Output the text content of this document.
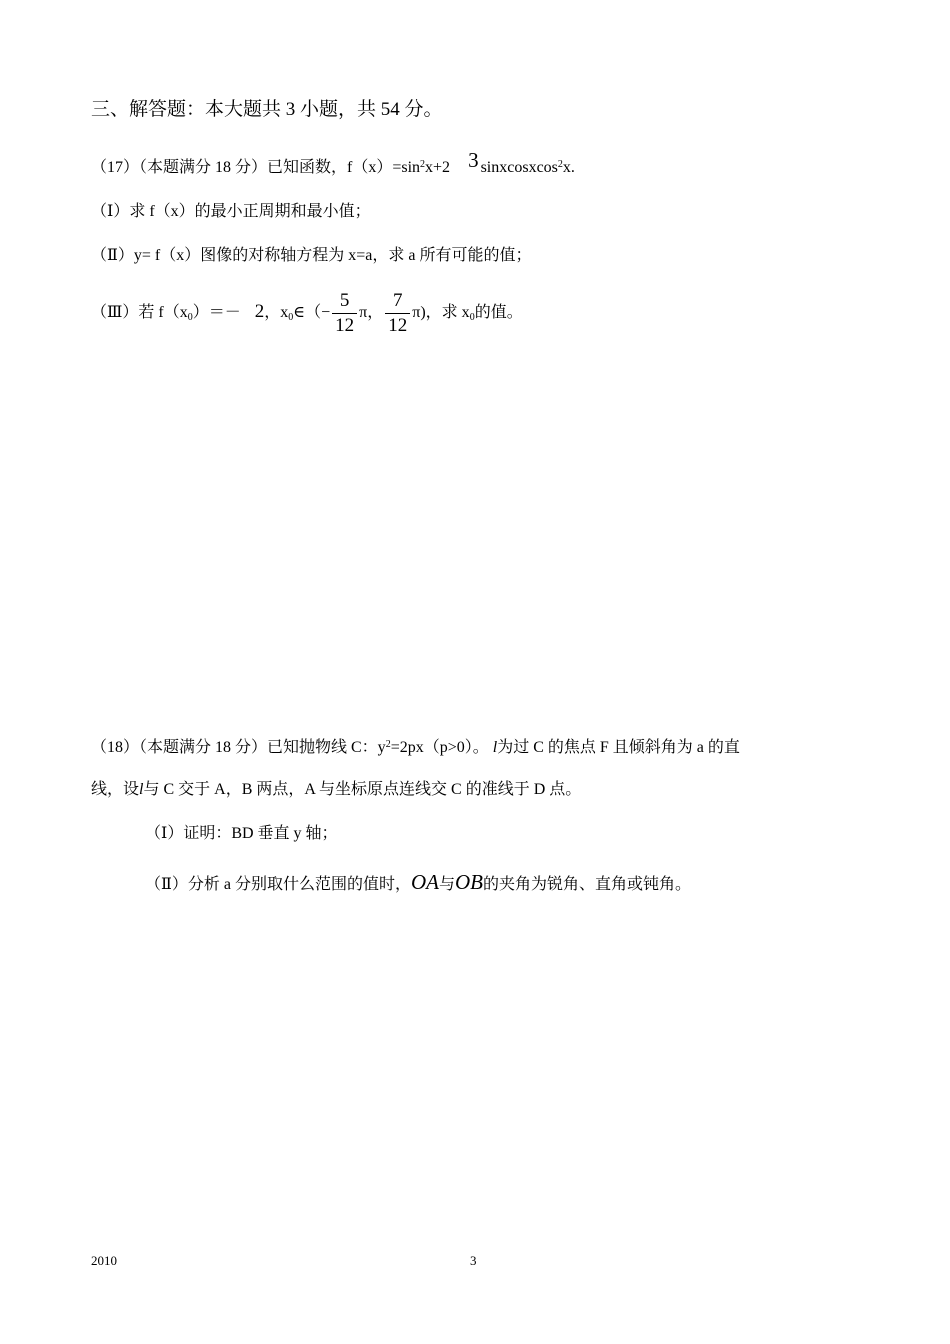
三、解答题：本大题共 3 小题，共 54 分。
（17）（本题满分 18 分）已知函数，$f(x)=\sin^2x+2$ 3 sinxcosxcos$^2$x.
（Ⅰ）求 f（x）的最小正周期和最小值；
（Ⅱ）y= f（x）图像的对称轴方程为 x=a，求 a 所有可能的值；
（Ⅲ）若 $f(x_0)=- 2$，$x_0\in(- \frac{5}{12}$ π， $\frac{7}{12} \pi$)，求 $x_0$的值。
（18）（本题满分 18 分）已知抛物线 C：$y^2=2px(p>0)$。 l为过 C 的焦点 F 且倾斜角为 a 的直
线，设l与 C 交于 A，B 两点，A 与坐标原点连线交 C 的准线于 D 点。
（Ⅰ）证明：BD 垂直 y 轴；
（Ⅱ）分析 a 分别取什么范围的值时，OA与OB的夹角为锐角、直角或钝角。
2010	3
